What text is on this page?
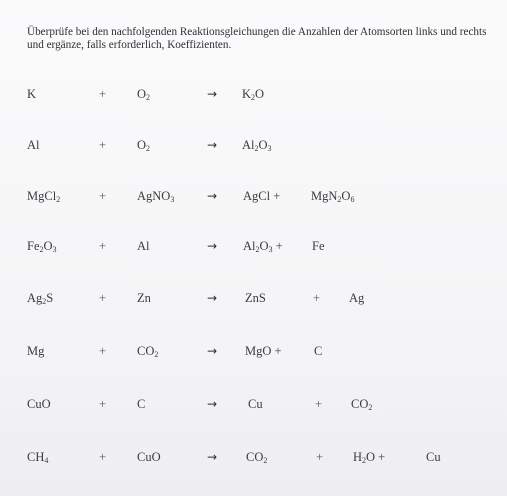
Überprüfe bei den nachfolgenden Reaktionsgleichungen die Anzahlen der Atomsorten links und rechts und ergänze, falls erforderlich, Koeffizienten.
K	+ $O_2$	→ $K_2O$
Al	+ $O_2$	→ $Al_2O_3$
MgCl$_2$	+ AgNO$_3$	→ AgCl + $MgN_2O_6$
$Fe_2O_3$	+ Al	→ $Al_2O_3 + Fe$
$Ag_2S$	+ Zn	→ ZnS	+ Ag
Mg	+ $CO_2$	→ MgO +	C
CuO	+ C	→ Cu	+ $CO_2$
$CH_4$	+ CuO	→ $CO_2$	+ $H_2O$ +	Cu
